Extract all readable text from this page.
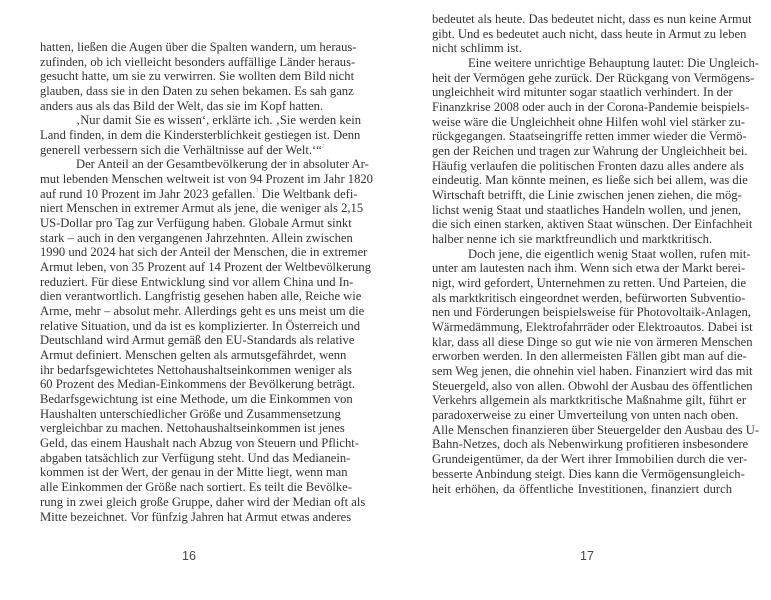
hatten, ließen die Augen über die Spalten wandern, um heraus-
zufinden, ob ich vielleicht besonders auffällige Länder heraus-
gesucht hatte, um sie zu verwirren. Sie wollten dem Bild nicht
glauben, dass sie in den Daten zu sehen bekamen. Es sah ganz
anders aus als das Bild der Welt, das sie im Kopf hatten.
‚Nur damit Sie es wissen‘, erklärte ich. ‚Sie werden kein
Land finden, in dem die Kindersterblichkeit gestiegen ist. Denn
generell verbessern sich die Verhältnisse auf der Welt.‘“$^2$
Der Anteil an der Gesamtbevölkerung der in absoluter Ar-
mut lebenden Menschen weltweit ist von 94 Prozent im Jahr 1820
auf rund 10 Prozent im Jahr 2023 gefallen.$^3$ Die Weltbank defi-
niert Menschen in extremer Armut als jene, die weniger als 2,15
US-Dollar pro Tag zur Verfügung haben. Globale Armut sinkt
stark – auch in den vergangenen Jahrzehnten. Allein zwischen
1990 und 2024 hat sich der Anteil der Menschen, die in extremer
Armut leben, von 35 Prozent auf 14 Prozent der Weltbevölkerung
reduziert. Für diese Entwicklung sind vor allem China und In-
dien verantwortlich. Langfristig gesehen haben alle, Reiche wie
Arme, mehr – absolut mehr. Allerdings geht es uns meist um die
relative Situation, und da ist es komplizierter. In Österreich und
Deutschland wird Armut gemäß den EU-Standards als relative
Armut definiert. Menschen gelten als armutsgefährdet, wenn
ihr bedarfsgewichtetes Nettohaushaltseinkommen weniger als
60 Prozent des Median-Einkommens der Bevölkerung beträgt.
Bedarfsgewichtung ist eine Methode, um die Einkommen von
Haushalten unterschiedlicher Größe und Zusammensetzung
vergleichbar zu machen. Nettohaushaltseinkommen ist jenes
Geld, das einem Haushalt nach Abzug von Steuern und Pflicht-
abgaben tatsächlich zur Verfügung steht. Und das Medianein-
kommen ist der Wert, der genau in der Mitte liegt, wenn man
alle Einkommen der Größe nach sortiert. Es teilt die Bevölke-
rung in zwei gleich große Gruppe, daher wird der Median oft als
Mitte bezeichnet. Vor fünfzig Jahren hat Armut etwas anderes
16
bedeutet als heute. Das bedeutet nicht, dass es nun keine Armut
gibt. Und es bedeutet auch nicht, dass heute in Armut zu leben
nicht schlimm ist.
Eine weitere unrichtige Behauptung lautet: Die Ungleich-
heit der Vermögen gehe zurück. Der Rückgang von Vermögens-
ungleichheit wird mitunter sogar staatlich verhindert. In der
Finanzkrise 2008 oder auch in der Corona-Pandemie beispiels-
weise wäre die Ungleichheit ohne Hilfen wohl viel stärker zu-
rückgegangen. Staatseingriffe retten immer wieder die Vermö-
gen der Reichen und tragen zur Wahrung der Ungleichheit bei.
Häufig verlaufen die politischen Fronten dazu alles andere als
eindeutig. Man könnte meinen, es ließe sich bei allem, was die
Wirtschaft betrifft, die Linie zwischen jenen ziehen, die mög-
lichst wenig Staat und staatliches Handeln wollen, und jenen,
die sich einen starken, aktiven Staat wünschen. Der Einfachheit
halber nenne ich sie marktfreundlich und marktkritisch.
Doch jene, die eigentlich wenig Staat wollen, rufen mit-
unter am lautesten nach ihm. Wenn sich etwa der Markt berei-
nigt, wird gefordert, Unternehmen zu retten. Und Parteien, die
als marktkritisch eingeordnet werden, befürworten Subventio-
nen und Förderungen beispielsweise für Photovoltaik-Anlagen,
Wärmedämmung, Elektrofahrräder oder Elektroautos. Dabei ist
klar, dass all diese Dinge so gut wie nie von ärmeren Menschen
erworben werden. In den allermeisten Fällen gibt man auf die-
sem Weg jenen, die ohnehin viel haben. Finanziert wird das mit
Steuergeld, also von allen. Obwohl der Ausbau des öffentlichen
Verkehrs allgemein als marktkritische Maßnahme gilt, führt er
paradoxerweise zu einer Umverteilung von unten nach oben.
Alle Menschen finanzieren über Steuergelder den Ausbau des U-
Bahn-Netzes, doch als Nebenwirkung profitieren insbesondere
Grundeigentümer, da der Wert ihrer Immobilien durch die ver-
besserte Anbindung steigt. Dies kann die Vermögensungleich-
heit erhöhen, da öffentliche Investitionen, finanziert durch
17
